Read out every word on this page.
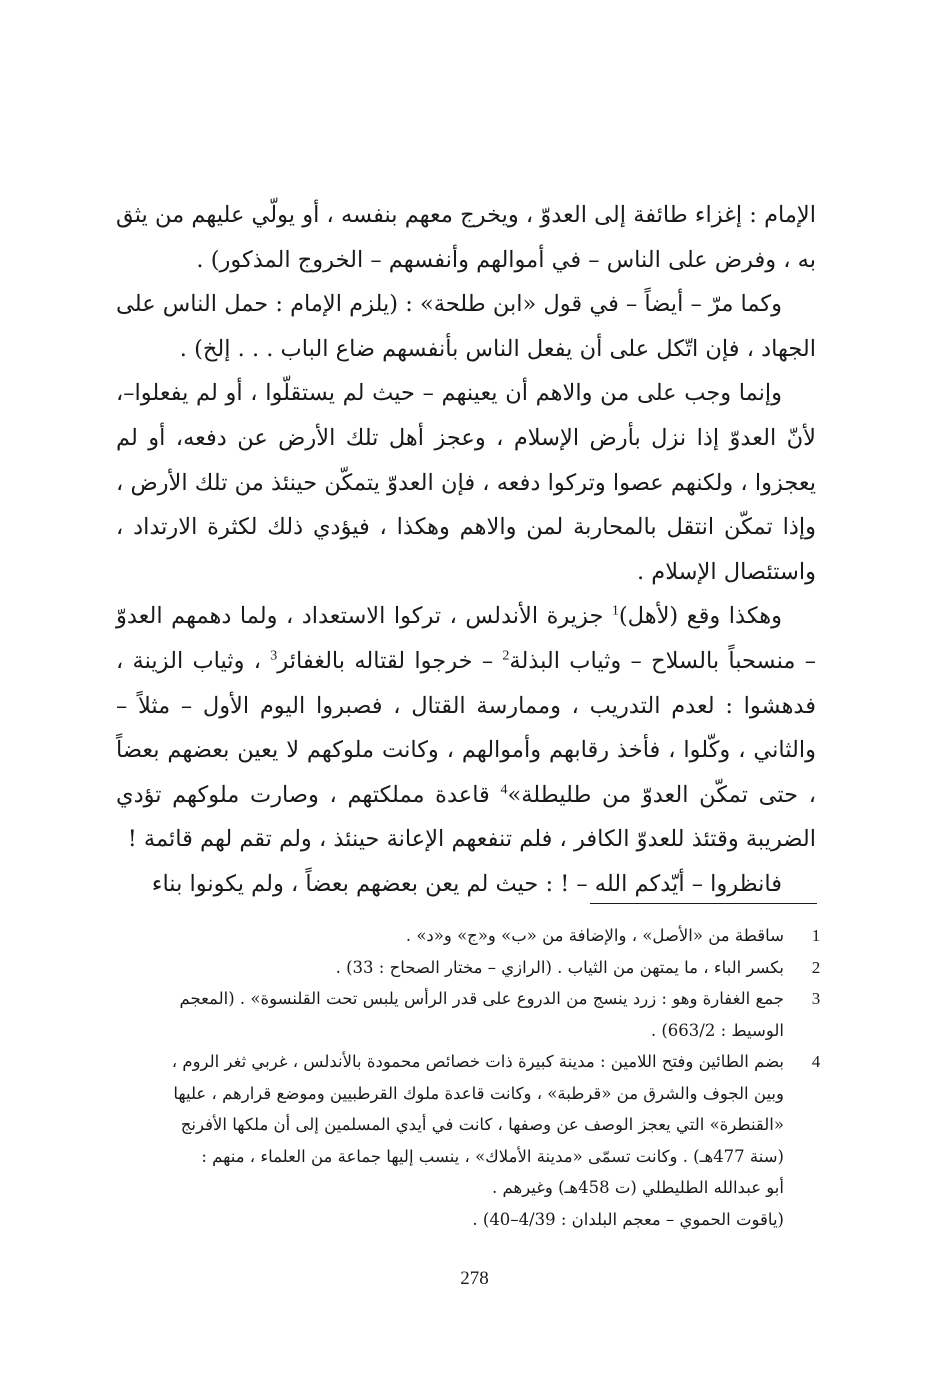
الإمام : إغزاء طائفة إلى العدوّ ، ويخرج معهم بنفسه ، أو يولّي عليهم من يثق به ، وفرض على الناس – في أموالهم وأنفسهم – الخروج المذكور) .

وكما مرّ – أيضاً – في قول «ابن طلحة» : (يلزم الإمام : حمل الناس على الجهاد ، فإن اتّكل على أن يفعل الناس بأنفسهم ضاع الباب . . . إلخ) .

وإنما وجب على من والاهم أن يعينهم – حيث لم يستقلّوا ، أو لم يفعلوا–، لأنّ العدوّ إذا نزل بأرض الإسلام ، وعجز أهل تلك الأرض عن دفعه، أو لم يعجزوا ، ولكنهم عصوا وتركوا دفعه ، فإن العدوّ يتمكّن حينئذ من تلك الأرض ، وإذا تمكّن انتقل بالمحاربة لمن والاهم وهكذا ، فيؤدي ذلك لكثرة الارتداد ، واستئصال الإسلام .

وهكذا وقع (لأهل)$^1$ جزيرة الأندلس ، تركوا الاستعداد ، ولما دهمهم العدوّ – منسحباً بالسلاح – وثياب البذلة$^2$ – خرجوا لقتاله بالغفائر$^3$ ، وثياب الزينة ، فدهشوا : لعدم التدريب ، وممارسة القتال ، فصبروا اليوم الأول – مثلاً – والثاني ، وكّلوا ، فأخذ رقابهم وأموالهم ، وكانت ملوكهم لا يعين بعضهم بعضاً ، حتى تمكّن العدوّ من طليطلة»$^4$ قاعدة مملكتهم ، وصارت ملوكهم تؤدي الضريبة وقتئذ للعدوّ الكافر ، فلم تنفعهم الإعانة حينئذ ، ولم تقم لهم قائمة !

فانظروا – أيّدكم الله – ! : حيث لم يعن بعضهم بعضاً ، ولم يكونوا بناء

1
ساقطة من «الأصل» ، والإضافة من «ب» و«ج» و«د» .
2
بكسر الباء ، ما يمتهن من الثياب . (الرازي – مختار الصحاح : 33) .
3
جمع الغفارة وهو : زرد ينسج من الدروع على قدر الرأس يلبس تحت القلنسوة» . (المعجم
الوسيط : 663/2) .
4
بضم الطائين وفتح اللامين : مدينة كبيرة ذات خصائص محمودة بالأندلس ، غربي ثغر الروم ،
وبين الجوف والشرق من «قرطبة» ، وكانت قاعدة ملوك القرطبيين وموضع قرارهم ، عليها
«القنطرة» التي يعجز الوصف عن وصفها ، كانت في أيدي المسلمين إلى أن ملكها الأفرنج
(سنة 477هـ) . وكانت تسمّى «مدينة الأملاك» ، ينسب إليها جماعة من العلماء ، منهم :
أبو عبدالله الطليطلي (ت 458هـ) وغيرهم .
(ياقوت الحموي – معجم البلدان : 4/39–40) .
278
